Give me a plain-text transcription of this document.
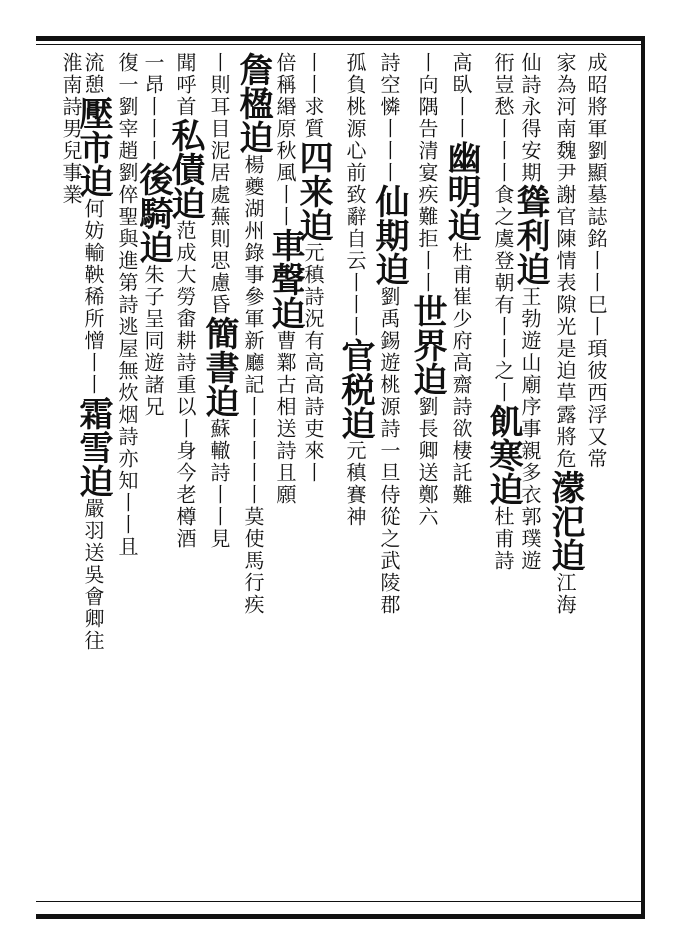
成昭將軍劉顯墓誌銘丨丨巳丨頊彼西浮又常
家為河南魏尹謝官陳情表隙光是迫草露將危濛汜迫江海
仙詩永得安期聳利迫王勃遊山廟序事親多衣郭璞遊
衎豈愁丨丨丨食之虞登朝有丨丨之丨飢寒迫杜甫詩
高臥丨丨幽明迫杜甫崔少府高齋詩欲棲託難
丨向隅告清宴疾難拒丨丨世界迫劉長卿送鄭六
詩空憐丨丨丨仙期迫劉禹錫遊桃源詩一旦侍從之武陵郡
孤負桃源心前致辭自云丨丨丨官税迫元稹賽神
丨丨求質四来迫元稹詩況有高高詩吏來丨
倍稱緡原秋風丨丨車聲迫曹鄴古相送詩且願
詹楹迫楊夔湖州錄事參軍新廳記丨丨丨丨丨莫使馬行疾
丨則耳目泥居處蕪則思慮昏簡書迫蘇轍詩丨丨見
聞呼首私債迫范成大勞畬耕詩重以丨身今老樽酒
一昂丨丨丨後騎迫朱子呈同遊諸兄
復一劉宰趙劉倅聖與進第詩逃屋無炊烟詩亦知丨丨且
流憩壓市迫何妨輸鞅稀所憎丨丨霜雪迫嚴羽送吳會卿往
淮南詩男兒事業
